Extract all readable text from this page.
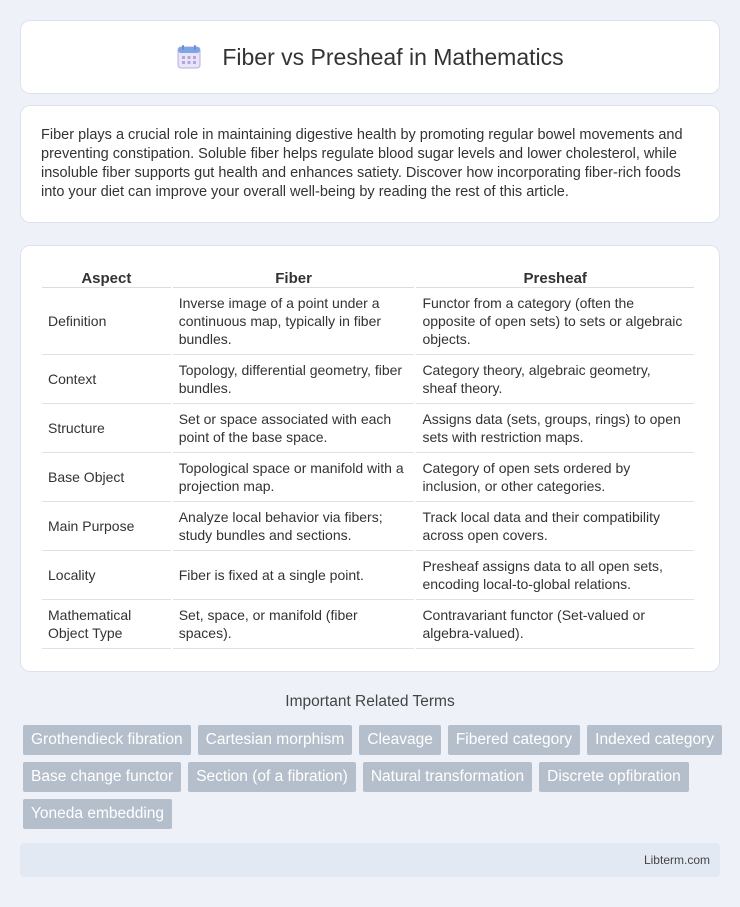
Fiber vs Presheaf in Mathematics

Fiber plays a crucial role in maintaining digestive health by promoting regular bowel movements and preventing constipation. Soluble fiber helps regulate blood sugar levels and lower cholesterol, while insoluble fiber supports gut health and enhances satiety. Discover how incorporating fiber-rich foods into your diet can improve your overall well-being by reading the rest of this article.

Aspect	Fiber	Presheaf
Definition	Inverse image of a point under a continuous map, typically in fiber bundles.	Functor from a category (often the opposite of open sets) to sets or algebraic objects.
Context	Topology, differential geometry, fiber bundles.	Category theory, algebraic geometry, sheaf theory.
Structure	Set or space associated with each point of the base space.	Assigns data (sets, groups, rings) to open sets with restriction maps.
Base Object	Topological space or manifold with a projection map.	Category of open sets ordered by inclusion, or other categories.
Main Purpose	Analyze local behavior via fibers; study bundles and sections.	Track local data and their compatibility across open covers.
Locality	Fiber is fixed at a single point.	Presheaf assigns data to all open sets, encoding local-to-global relations.
Mathematical Object Type	Set, space, or manifold (fiber spaces).	Contravariant functor (Set-valued or algebra-valued).
Important Related Terms
Grothendieck fibration	Cartesian morphism	Cleavage	Fibered category	Indexed category
Base change functor	Section (of a fibration)	Natural transformation	Discrete opfibration
Yoneda embedding
Libterm.com
